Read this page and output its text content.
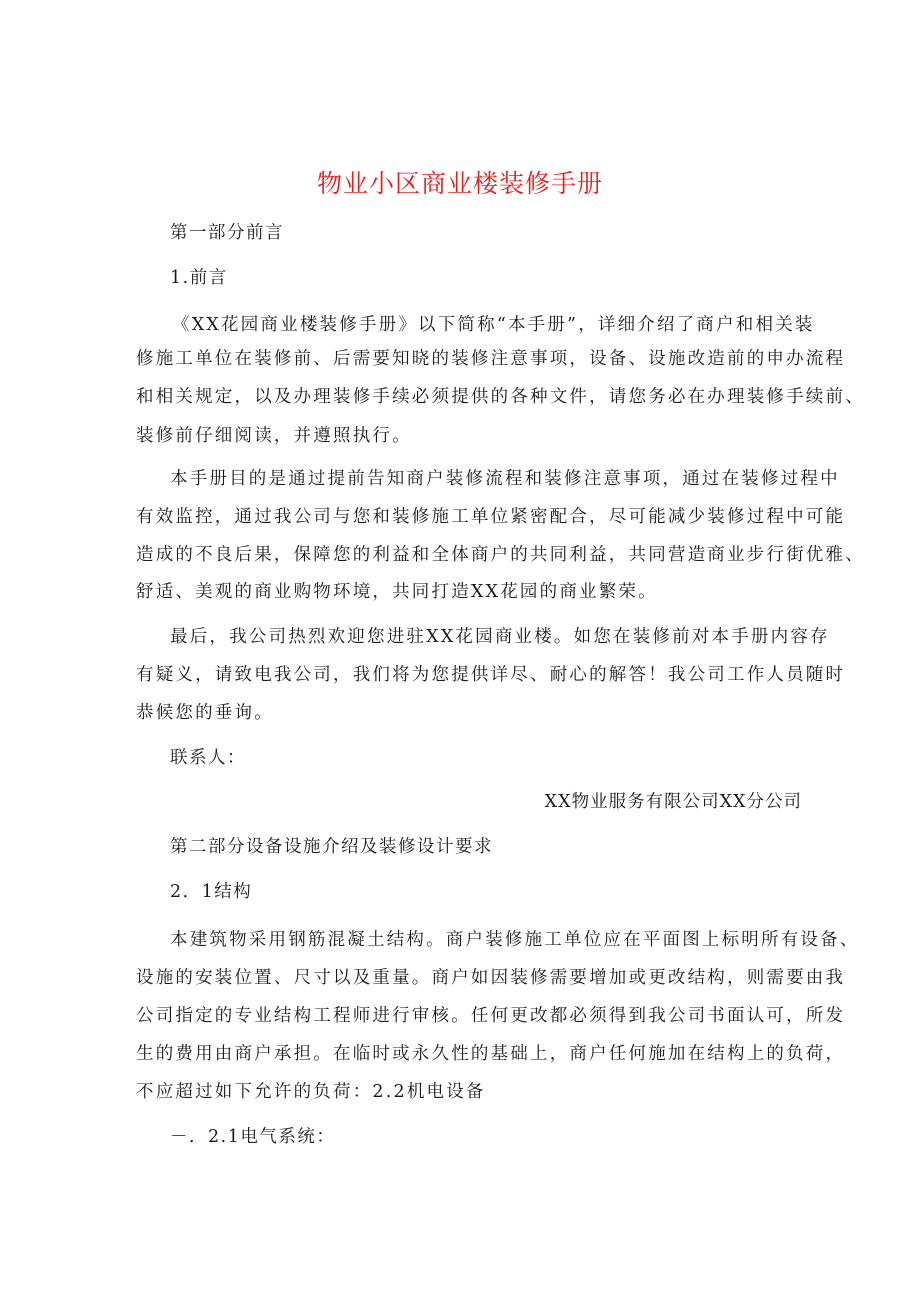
物业小区商业楼装修手册
第一部分前言
1.前言
《XX花园商业楼装修手册》以下简称“本手册”，详细介绍了商户和相关装
修施工单位在装修前、后需要知晓的装修注意事项，设备、设施改造前的申办流程
和相关规定，以及办理装修手续必须提供的各种文件，请您务必在办理装修手续前、
装修前仔细阅读，并遵照执行。
本手册目的是通过提前告知商户装修流程和装修注意事项，通过在装修过程中
有效监控，通过我公司与您和装修施工单位紧密配合，尽可能减少装修过程中可能
造成的不良后果，保障您的利益和全体商户的共同利益，共同营造商业步行街优雅、
舒适、美观的商业购物环境，共同打造XX花园的商业繁荣。
最后，我公司热烈欢迎您进驻XX花园商业楼。如您在装修前对本手册内容存
有疑义，请致电我公司，我们将为您提供详尽、耐心的解答！我公司工作人员随时
恭候您的垂询。
联系人：
XX物业服务有限公司XX分公司
第二部分设备设施介绍及装修设计要求
2．1结构
本建筑物采用钢筋混凝土结构。商户装修施工单位应在平面图上标明所有设备、
设施的安装位置、尺寸以及重量。商户如因装修需要增加或更改结构，则需要由我
公司指定的专业结构工程师进行审核。任何更改都必须得到我公司书面认可，所发
生的费用由商户承担。在临时或永久性的基础上，商户任何施加在结构上的负荷，
不应超过如下允许的负荷：2.2机电设备
－．2.1电气系统：
